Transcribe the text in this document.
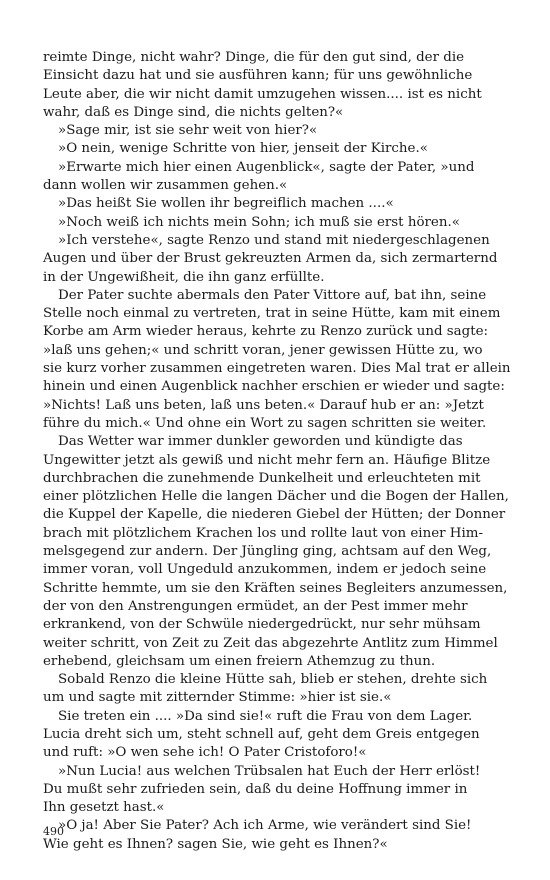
reimte Dinge, nicht wahr? Dinge, die für den gut sind, der die
Einsicht dazu hat und sie ausführen kann; für uns gewöhnliche
Leute aber, die wir nicht damit umzugehen wissen.... ist es nicht
wahr, daß es Dinge sind, die nichts gelten?«
»Sage mir, ist sie sehr weit von hier?«
»O nein, wenige Schritte von hier, jenseit der Kirche.«
»Erwarte mich hier einen Augenblick«, sagte der Pater, »und
dann wollen wir zusammen gehen.«
»Das heißt Sie wollen ihr begreiflich machen ....«
»Noch weiß ich nichts mein Sohn; ich muß sie erst hören.«
»Ich verstehe«, sagte Renzo und stand mit niedergeschlagenen
Augen und über der Brust gekreuzten Armen da, sich zermarternd
in der Ungewißheit, die ihn ganz erfüllte.
Der Pater suchte abermals den Pater Vittore auf, bat ihn, seine
Stelle noch einmal zu vertreten, trat in seine Hütte, kam mit einem
Korbe am Arm wieder heraus, kehrte zu Renzo zurück und sagte:
»laß uns gehen;« und schritt voran, jener gewissen Hütte zu, wo
sie kurz vorher zusammen eingetreten waren. Dies Mal trat er allein
hinein und einen Augenblick nachher erschien er wieder und sagte:
»Nichts! Laß uns beten, laß uns beten.« Darauf hub er an: »Jetzt
führe du mich.« Und ohne ein Wort zu sagen schritten sie weiter.
Das Wetter war immer dunkler geworden und kündigte das
Ungewitter jetzt als gewiß und nicht mehr fern an. Häufige Blitze
durchbrachen die zunehmende Dunkelheit und erleuchteten mit
einer plötzlichen Helle die langen Dächer und die Bogen der Hallen,
die Kuppel der Kapelle, die niederen Giebel der Hütten; der Donner
brach mit plötzlichem Krachen los und rollte laut von einer Him-
melsgegend zur andern. Der Jüngling ging, achtsam auf den Weg,
immer voran, voll Ungeduld anzukommen, indem er jedoch seine
Schritte hemmte, um sie den Kräften seines Begleiters anzumessen,
der von den Anstrengungen ermüdet, an der Pest immer mehr
erkrankend, von der Schwüle niedergedrückt, nur sehr mühsam
weiter schritt, von Zeit zu Zeit das abgezehrte Antlitz zum Himmel
erhebend, gleichsam um einen freiern Athemzug zu thun.
Sobald Renzo die kleine Hütte sah, blieb er stehen, drehte sich
um und sagte mit zitternder Stimme: »hier ist sie.«
Sie treten ein .... »Da sind sie!« ruft die Frau von dem Lager.
Lucia dreht sich um, steht schnell auf, geht dem Greis entgegen
und ruft: »O wen sehe ich! O Pater Cristoforo!«
»Nun Lucia! aus welchen Trübsalen hat Euch der Herr erlöst!
Du mußt sehr zufrieden sein, daß du deine Hoffnung immer in
Ihn gesetzt hast.«
»O ja! Aber Sie Pater? Ach ich Arme, wie verändert sind Sie!
Wie geht es Ihnen? sagen Sie, wie geht es Ihnen?«
490
